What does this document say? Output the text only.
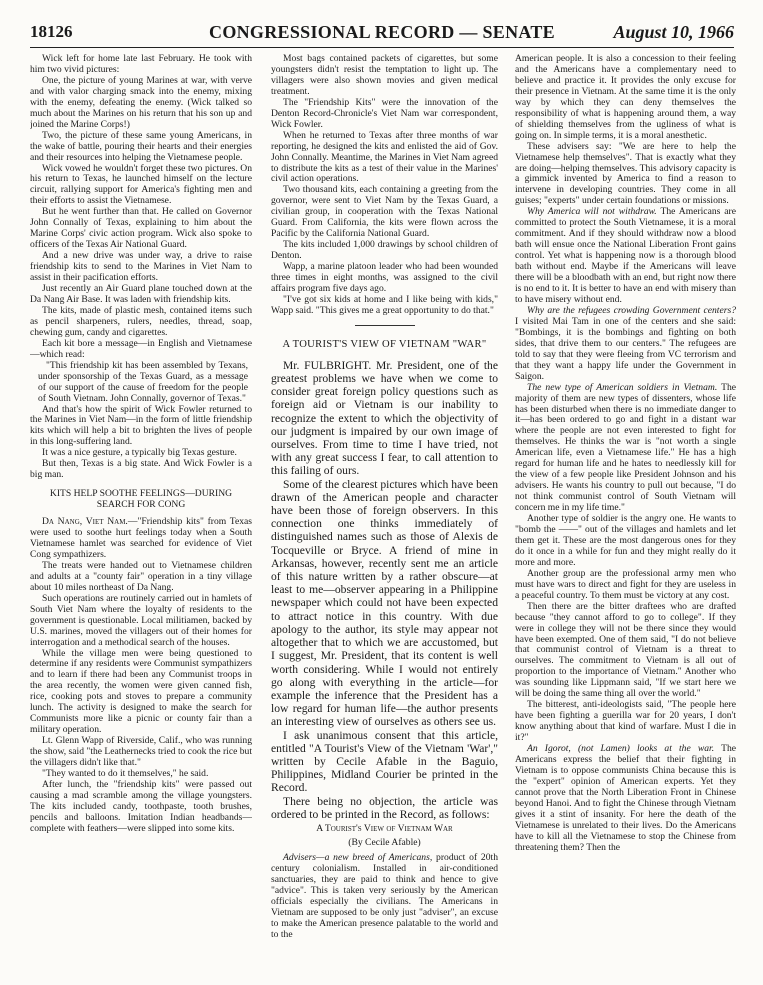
18126	CONGRESSIONAL RECORD — SENATE	August 10, 1966

Wick left for home late last February. He took with him two vivid pictures:

One, the picture of young Marines at war, with verve and with valor charging smack into the enemy, mixing with the enemy, defeating the enemy. (Wick talked so much about the Marines on his return that his son up and joined the Marine Corps!)

Two, the picture of these same young Americans, in the wake of battle, pouring their hearts and their energies and their resources into helping the Vietnamese people.

Wick vowed he wouldn't forget these two pictures. On his return to Texas, he launched himself on the lecture circuit, rallying support for America's fighting men and their efforts to assist the Vietnamese.

But he went further than that. He called on Governor John Connally of Texas, explaining to him about the Marine Corps' civic action program. Wick also spoke to officers of the Texas Air National Guard.

And a new drive was under way, a drive to raise friendship kits to send to the Marines in Viet Nam to assist in their pacification efforts.

Just recently an Air Guard plane touched down at the Da Nang Air Base. It was laden with friendship kits.

The kits, made of plastic mesh, contained items such as pencil sharpeners, rulers, needles, thread, soap, chewing gum, candy and cigarettes.

Each kit bore a message—in English and Vietnamese—which read:

"This friendship kit has been assembled by Texans, under sponsorship of the Texas Guard, as a message of our support of the cause of freedom for the people of South Vietnam. John Connally, governor of Texas."

And that's how the spirit of Wick Fowler returned to the Marines in Viet Nam—in the form of little friendship kits which will help a bit to brighten the lives of people in this long-suffering land.

It was a nice gesture, a typically big Texas gesture.

But then, Texas is a big state. And Wick Fowler is a big man.

KITS HELP SOOTHE FEELINGS—DURING SEARCH FOR CONG

Da Nang, Viet Nam.—"Friendship kits" from Texas were used to soothe hurt feelings today when a South Vietnamese hamlet was searched for evidence of Viet Cong sympathizers.

The treats were handed out to Vietnamese children and adults at a "county fair" operation in a tiny village about 10 miles northeast of Da Nang.

Such operations are routinely carried out in hamlets of South Viet Nam where the loyalty of residents to the government is questionable. Local militiamen, backed by U.S. marines, moved the villagers out of their homes for interrogation and a methodical search of the houses.

While the village men were being questioned to determine if any residents were Communist sympathizers and to learn if there had been any Communist troops in the area recently, the women were given canned fish, rice, cooking pots and stoves to prepare a community lunch. The activity is designed to make the search for Communists more like a picnic or county fair than a military operation.

Lt. Glenn Wapp of Riverside, Calif., who was running the show, said "the Leathernecks tried to cook the rice but the villagers didn't like that."

"They wanted to do it themselves," he said.

After lunch, the "friendship kits" were passed out causing a mad scramble among the village youngsters. The kits included candy, toothpaste, tooth brushes, pencils and balloons. Imitation Indian headbands—complete with feathers—were slipped into some kits.

Most bags contained packets of cigarettes, but some youngsters didn't resist the temptation to light up. The villagers were also shown movies and given medical treatment.

The "Friendship Kits" were the innovation of the Denton Record-Chronicle's Viet Nam war correspondent, Wick Fowler.

When he returned to Texas after three months of war reporting, he designed the kits and enlisted the aid of Gov. John Connally. Meantime, the Marines in Viet Nam agreed to distribute the kits as a test of their value in the Marines' civil action operations.

Two thousand kits, each containing a greeting from the governor, were sent to Viet Nam by the Texas Guard, a civilian group, in cooperation with the Texas National Guard. From California, the kits were flown across the Pacific by the California National Guard.

The kits included 1,000 drawings by school children of Denton.

Wapp, a marine platoon leader who had been wounded three times in eight months, was assigned to the civil affairs program five days ago.

"I've got six kids at home and I like being with kids," Wapp said. "This gives me a great opportunity to do that."

A TOURIST'S VIEW OF VIETNAM "WAR"

Mr. FULBRIGHT. Mr. President, one of the greatest problems we have when we come to consider great foreign policy questions such as foreign aid or Vietnam is our inability to recognize the extent to which the objectivity of our judgment is impaired by our own image of ourselves. From time to time I have tried, not with any great success I fear, to call attention to this failing of ours.

Some of the clearest pictures which have been drawn of the American people and character have been those of foreign observers. In this connection one thinks immediately of distinguished names such as those of Alexis de Tocqueville or Bryce. A friend of mine in Arkansas, however, recently sent me an article of this nature written by a rather obscure—at least to me—observer appearing in a Philippine newspaper which could not have been expected to attract notice in this country. With due apology to the author, its style may appear not altogether that to which we are accustomed, but I suggest, Mr. President, that its content is well worth considering. While I would not entirely go along with everything in the article—for example the inference that the President has a low regard for human life—the author presents an interesting view of ourselves as others see us.

I ask unanimous consent that this article, entitled "A Tourist's View of the Vietnam 'War'," written by Cecile Afable in the Baguio, Philippines, Midland Courier be printed in the Record.

There being no objection, the article was ordered to be printed in the Record, as follows:

A Tourist's View of Vietnam War

(By Cecile Afable)

Advisers—a new breed of Americans, product of 20th century colonialism. Installed in air-conditioned sanctuaries, they are paid to think and hence to give "advice". This is taken very seriously by the American officials especially the civilians. The Americans in Vietnam are supposed to be only just "adviser", an excuse to make the American presence palatable to the world and to the

American people. It is also a concession to their feeling and the Americans have a complementary need to believe and practice it. It provides the only excuse for their presence in Vietnam. At the same time it is the only way by which they can deny themselves the responsibility of what is happening around them, a way of shielding themselves from the ugliness of what is going on. In simple terms, it is a moral anesthetic.

These advisers say: "We are here to help the Vietnamese help themselves". That is exactly what they are doing—helping themselves. This advisory capacity is a gimmick invented by America to find a reason to intervene in developing countries. They come in all guises; "experts" under certain foundations or missions.

Why America will not withdraw. The Americans are committed to protect the South Vietnamese, it is a moral commitment. And if they should withdraw now a blood bath will ensue once the National Liberation Front gains control. Yet what is happening now is a thorough blood bath without end. Maybe if the Americans will leave there will be a bloodbath with an end, but right now there is no end to it. It is better to have an end with misery than to have misery without end.

Why are the refugees crowding Government centers? I visited Mai Tam in one of the centers and she said: "Bombings, it is the bombings and fighting on both sides, that drive them to our centers." The refugees are told to say that they were fleeing from VC terrorism and that they want a happy life under the Government in Saigon.

The new type of American soldiers in Vietnam. The majority of them are new types of dissenters, whose life has been disturbed when there is no immediate danger to it—has been ordered to go and fight in a distant war where the people are not even interested to fight for themselves. He thinks the war is "not worth a single American life, even a Vietnamese life." He has a high regard for human life and he hates to needlessly kill for the view of a few people like President Johnson and his advisers. He wants his country to pull out because, "I do not think communist control of South Vietnam will concern me in my life time."

Another type of soldier is the angry one. He wants to "bomb the ——" out of the villages and hamlets and let them get it. These are the most dangerous ones for they do it once in a while for fun and they might really do it more and more.

Another group are the professional army men who must have wars to direct and fight for they are useless in a peaceful country. To them must be victory at any cost.

Then there are the bitter draftees who are drafted because "they cannot afford to go to college". If they were in college they will not be there since they would have been exempted. One of them said, "I do not believe that communist control of Vietnam is a threat to ourselves. The commitment to Vietnam is all out of proportion to the importance of Vietnam." Another who was sounding like Lippmann said, "If we start here we will be doing the same thing all over the world."

The bitterest, anti-ideologists said, "The people here have been fighting a guerilla war for 20 years, I don't know anything about that kind of warfare. Must I die in it?"

An Igorot, (not Lamen) looks at the war. The Americans express the belief that their fighting in Vietnam is to oppose communists China because this is the "expert" opinion of American experts. Yet they cannot prove that the North Liberation Front in Chinese beyond Hanoi. And to fight the Chinese through Vietnam gives it a stint of insanity. For here the death of the Vietnamese is unrelated to their lives. Do the Americans have to kill all the Vietnamese to stop the Chinese from threatening them? Then the
